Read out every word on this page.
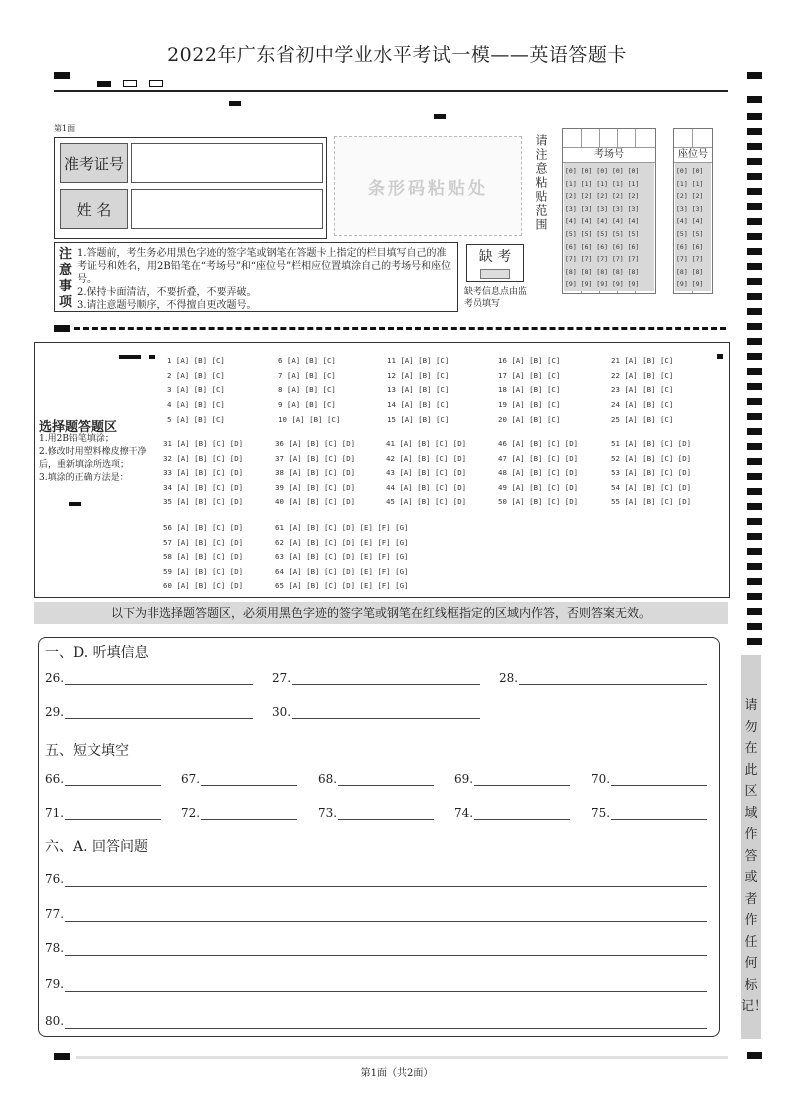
2022年广东省初中学业水平考试一模——英语答题卡
第1面
准考证号
姓 名
条形码粘贴处	请注意粘贴范围	考场号
[0] [0] [0] [0] [0]
[1] [1] [1] [1] [1]
[2] [2] [2] [2] [2]
[3] [3] [3] [3] [3]
[4] [4] [4] [4] [4]
[5] [5] [5] [5] [5]
[6] [6] [6] [6] [6]
[7] [7] [7] [7] [7]
[8] [8] [8] [8] [8]
[9] [9] [9] [9] [9]
座位号
[0] [0]
[1] [1]
[2] [2]
[3] [3]
[4] [4]
[5] [5]
[6] [6]
[7] [7]
[8] [8]
[9] [9]
注意事项
1.答题前，考生务必用黑色字迹的签字笔或钢笔在答题卡上指定的栏目填写自己的准考证号和姓名，用2B铅笔在“考场号”和“座位号”栏相应位置填涂自己的考场号和座位号。
2.保持卡面清洁，不要折叠，不要弄破。
3.请注意题号顺序，不得擅自更改题号。
缺 考
缺考信息点由监考员填写
选择题答题区
1.用2B铅笔填涂；
2.修改时用塑料橡皮擦干净后，重新填涂所选项；
3.填涂的正确方法是：
1 [A] [B] [C]
2 [A] [B] [C]
3 [A] [B] [C]
4 [A] [B] [C]
5 [A] [B] [C]
6 [A] [B] [C]
7 [A] [B] [C]
8 [A] [B] [C]
9 [A] [B] [C]
10 [A] [B] [C]
11 [A] [B] [C]
12 [A] [B] [C]
13 [A] [B] [C]
14 [A] [B] [C]
15 [A] [B] [C]
16 [A] [B] [C]
17 [A] [B] [C]
18 [A] [B] [C]
19 [A] [B] [C]
20 [A] [B] [C]
21 [A] [B] [C]
22 [A] [B] [C]
23 [A] [B] [C]
24 [A] [B] [C]
25 [A] [B] [C]
31 [A] [B] [C] [D]
32 [A] [B] [C] [D]
33 [A] [B] [C] [D]
34 [A] [B] [C] [D]
35 [A] [B] [C] [D]
36 [A] [B] [C] [D]
37 [A] [B] [C] [D]
38 [A] [B] [C] [D]
39 [A] [B] [C] [D]
40 [A] [B] [C] [D]
41 [A] [B] [C] [D]
42 [A] [B] [C] [D]
43 [A] [B] [C] [D]
44 [A] [B] [C] [D]
45 [A] [B] [C] [D]
46 [A] [B] [C] [D]
47 [A] [B] [C] [D]
48 [A] [B] [C] [D]
49 [A] [B] [C] [D]
50 [A] [B] [C] [D]
51 [A] [B] [C] [D]
52 [A] [B] [C] [D]
53 [A] [B] [C] [D]
54 [A] [B] [C] [D]
55 [A] [B] [C] [D]
56 [A] [B] [C] [D]
57 [A] [B] [C] [D]
58 [A] [B] [C] [D]
59 [A] [B] [C] [D]
60 [A] [B] [C] [D]
61 [A] [B] [C] [D] [E] [F] [G]
62 [A] [B] [C] [D] [E] [F] [G]
63 [A] [B] [C] [D] [E] [F] [G]
64 [A] [B] [C] [D] [E] [F] [G]
65 [A] [B] [C] [D] [E] [F] [G]
以下为非选择题答题区，必须用黑色字迹的签字笔或钢笔在红线框指定的区域内作答，否则答案无效。
一、D. 听填信息
26.	27.	28.
29.	30.
五、短文填空
66.	67.	68.	69.	70.
71.	72.	73.	74.	75.
六、A. 回答问题
76.
77.
78.
79.
80.
请勿在此区域作答或者作任何标记！
第1面（共2面）
